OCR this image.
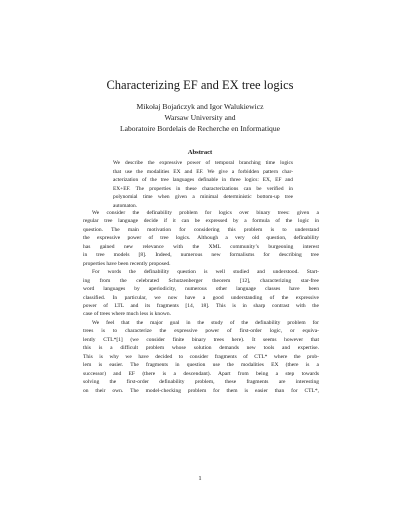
Characterizing EF and EX tree logics
Mikołaj Bojańczyk and Igor Walukiewicz
Warsaw University and
Laboratoire Bordelais de Recherche en Informatique
Abstract
We describe the expressive power of temporal branching time logics
that use the modalities EX and EF. We give a forbidden pattern char-
acterization of the tree languages definable in three logics: EX, EF and
EX+EF. The properties in these characterizations can be verified in
polynomial time when given a minimal deterministic bottom-up tree
automaton.
We consider the definability problem for logics over binary trees: given a
regular tree language decide if it can be expressed by a formula of the logic in
question. The main motivation for considering this problem is to understand
the expressive power of tree logics. Although a very old question, definability
has gained new relevance with the XML community’s burgeoning interest
in tree models [8]. Indeed, numerous new formalisms for describing tree
properties have been recently proposed.
For words the definability question is well studied and understood. Start-
ing from the celebrated Schutzenberger theorem [12], characterizing star-free
word languages by aperiodicity, numerous other language classes have been
classified. In particular, we now have a good understanding of the expressive
power of LTL and its fragments [14, 18]. This is in sharp contrast with the
case of trees where much less is known.
We feel that the major goal in the study of the definability problem for
trees is to characterize the expressive power of first-order logic, or equiva-
lently CTL*[1] (we consider finite binary trees here). It seems however that
this is a difficult problem whose solution demands new tools and expertise.
This is why we have decided to consider fragments of CTL* where the prob-
lem is easier. The fragments in question use the modalities EX (there is a
successor) and EF (there is a descendant). Apart from being a step towards
solving the first-order definability problem, these fragments are interesting
on their own. The model-checking problem for them is easier than for CTL*,
1
